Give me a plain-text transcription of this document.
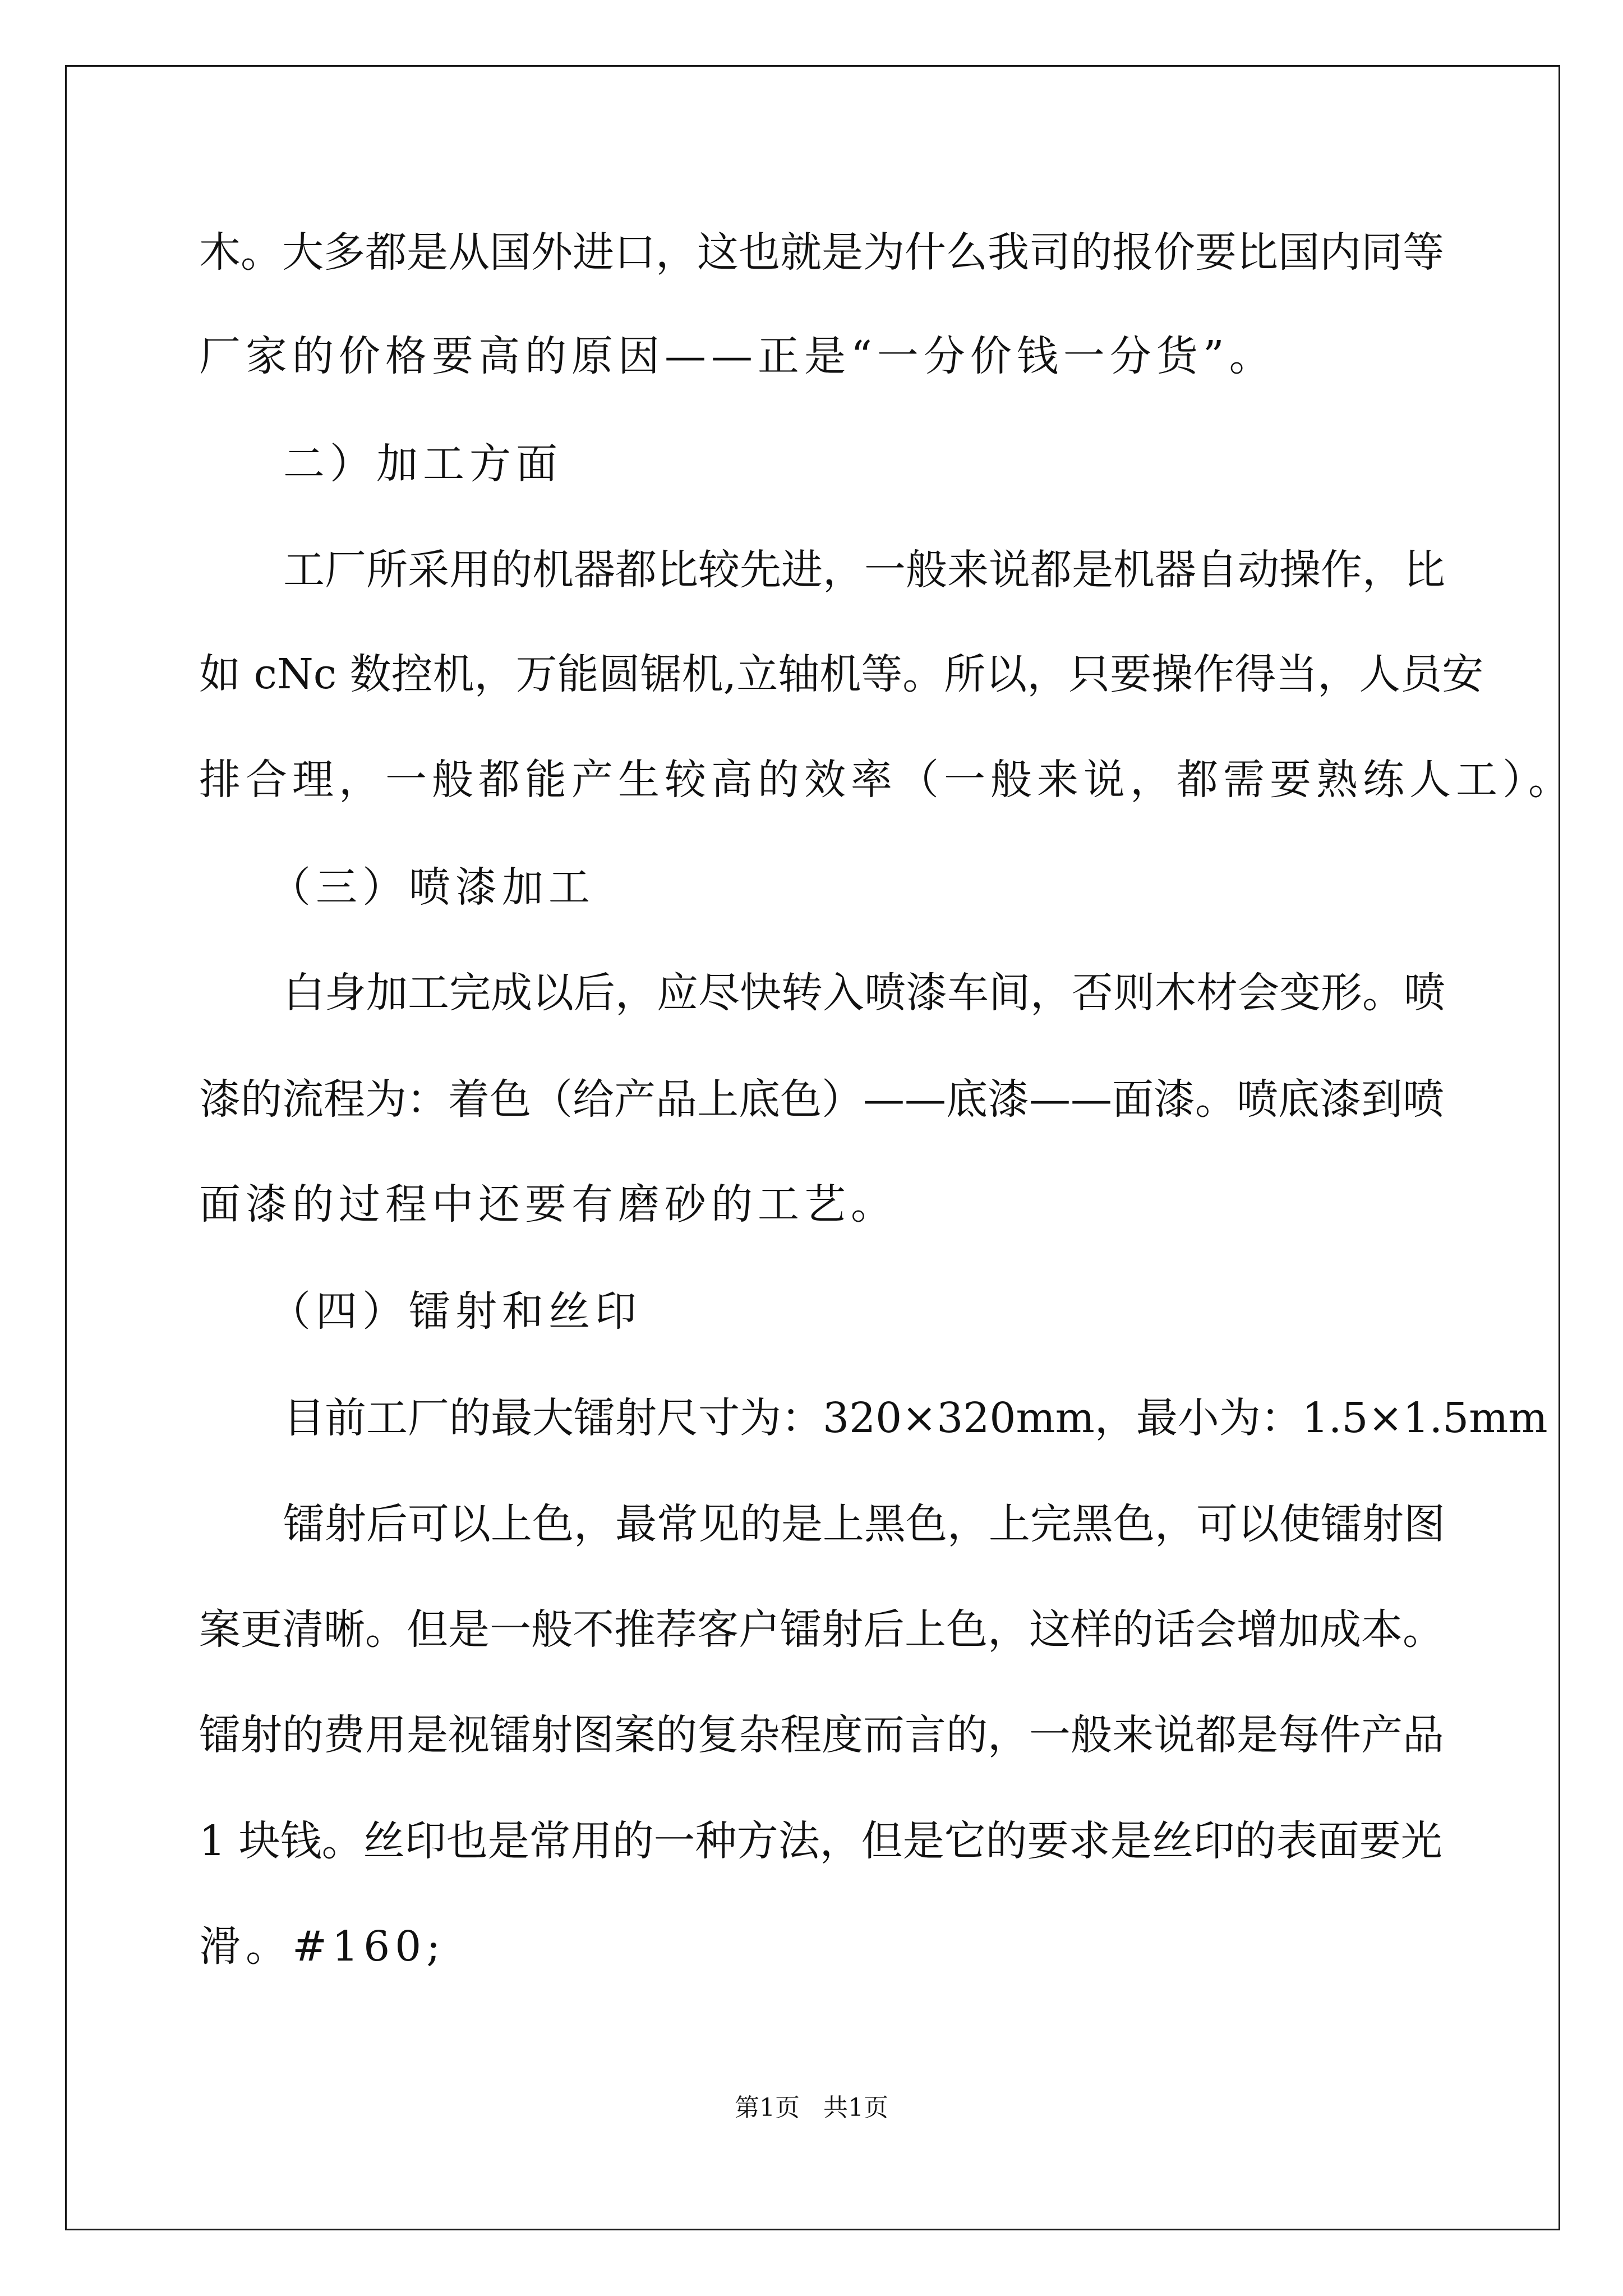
木。大多都是从国外进口，这也就是为什么我司的报价要比国内同等

厂家的价格要高的原因——正是“一分价钱一分货”。

二）加工方面

工厂所采用的机器都比较先进，一般来说都是机器自动操作，比

如 cNc 数控机，万能圆锯机,立轴机等。所以，只要操作得当，人员安

排合理，一般都能产生较高的效率（一般来说，都需要熟练人工）。

（三）喷漆加工

白身加工完成以后，应尽快转入喷漆车间，否则木材会变形。喷

漆的流程为：着色（给产品上底色）——底漆——面漆。喷底漆到喷

面漆的过程中还要有磨砂的工艺。

（四）镭射和丝印

目前工厂的最大镭射尺寸为：320×320mm，最小为：1.5×1.5mm

镭射后可以上色，最常见的是上黑色，上完黑色，可以使镭射图

案更清晰。但是一般不推荐客户镭射后上色，这样的话会增加成本。

镭射的费用是视镭射图案的复杂程度而言的，一般来说都是每件产品

1 块钱。丝印也是常用的一种方法，但是它的要求是丝印的表面要光

滑。#160;

第1页   共1页
